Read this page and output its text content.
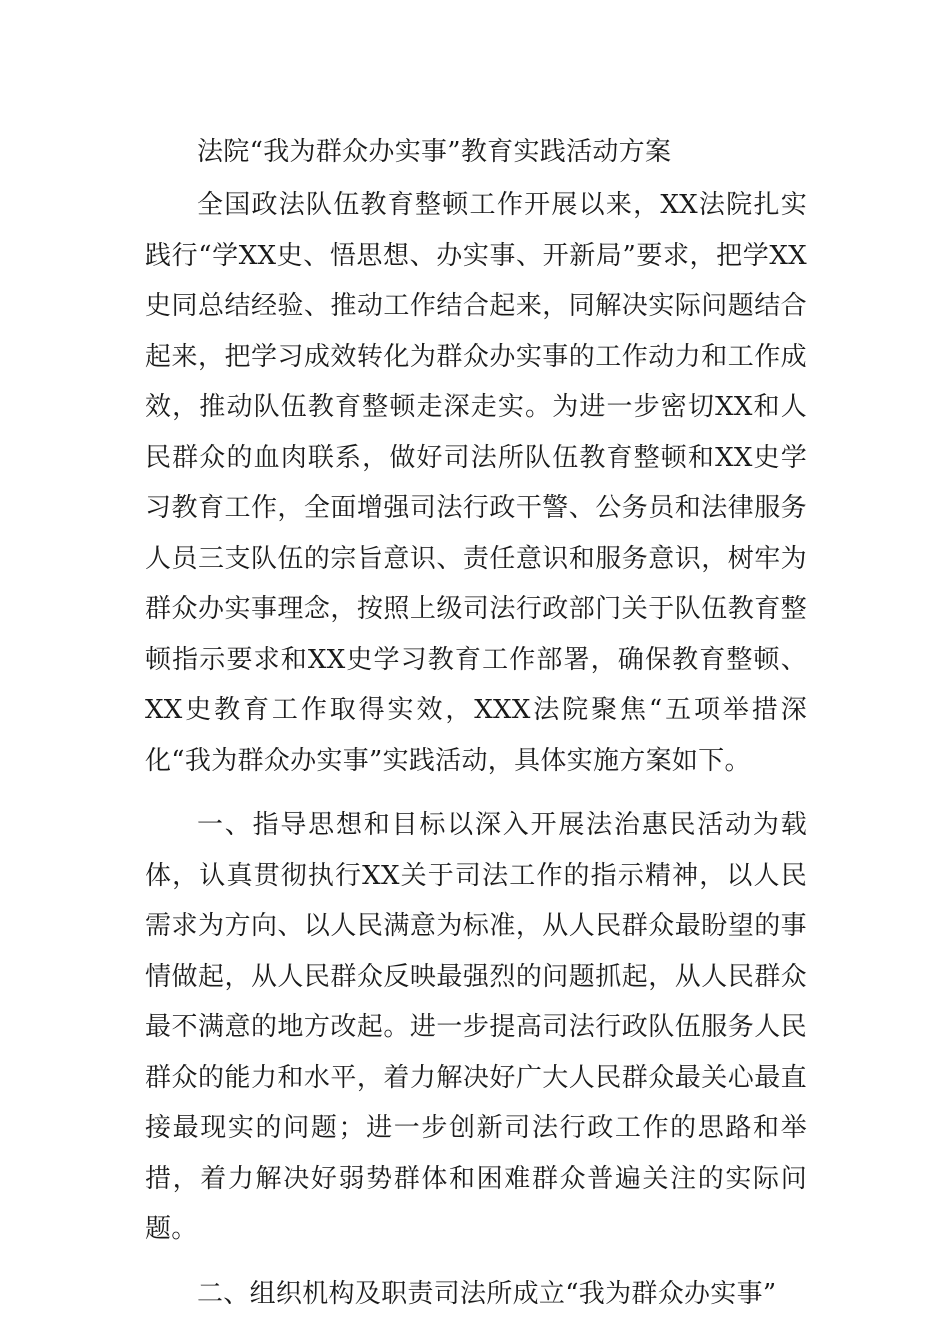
法院“我为群众办实事”教育实践活动方案

全国政法队伍教育整顿工作开展以来，XX法院扎实践行“学XX史、悟思想、办实事、开新局”要求，把学XX史同总结经验、推动工作结合起来，同解决实际问题结合起来，把学习成效转化为群众办实事的工作动力和工作成效，推动队伍教育整顿走深走实。为进一步密切XX和人民群众的血肉联系，做好司法所队伍教育整顿和XX史学习教育工作，全面增强司法行政干警、公务员和法律服务人员三支队伍的宗旨意识、责任意识和服务意识，树牢为群众办实事理念，按照上级司法行政部门关于队伍教育整顿指示要求和XX史学习教育工作部署，确保教育整顿、XX史教育工作取得实效，XXX法院聚焦“五项举措深化“我为群众办实事”实践活动，具体实施方案如下。

一、指导思想和目标以深入开展法治惠民活动为载体，认真贯彻执行XX关于司法工作的指示精神，以人民需求为方向、以人民满意为标准，从人民群众最盼望的事情做起，从人民群众反映最强烈的问题抓起，从人民群众最不满意的地方改起。进一步提高司法行政队伍服务人民群众的能力和水平，着力解决好广大人民群众最关心最直接最现实的问题；进一步创新司法行政工作的思路和举措，着力解决好弱势群体和困难群众普遍关注的实际问题。

二、组织机构及职责司法所成立“我为群众办实事”
